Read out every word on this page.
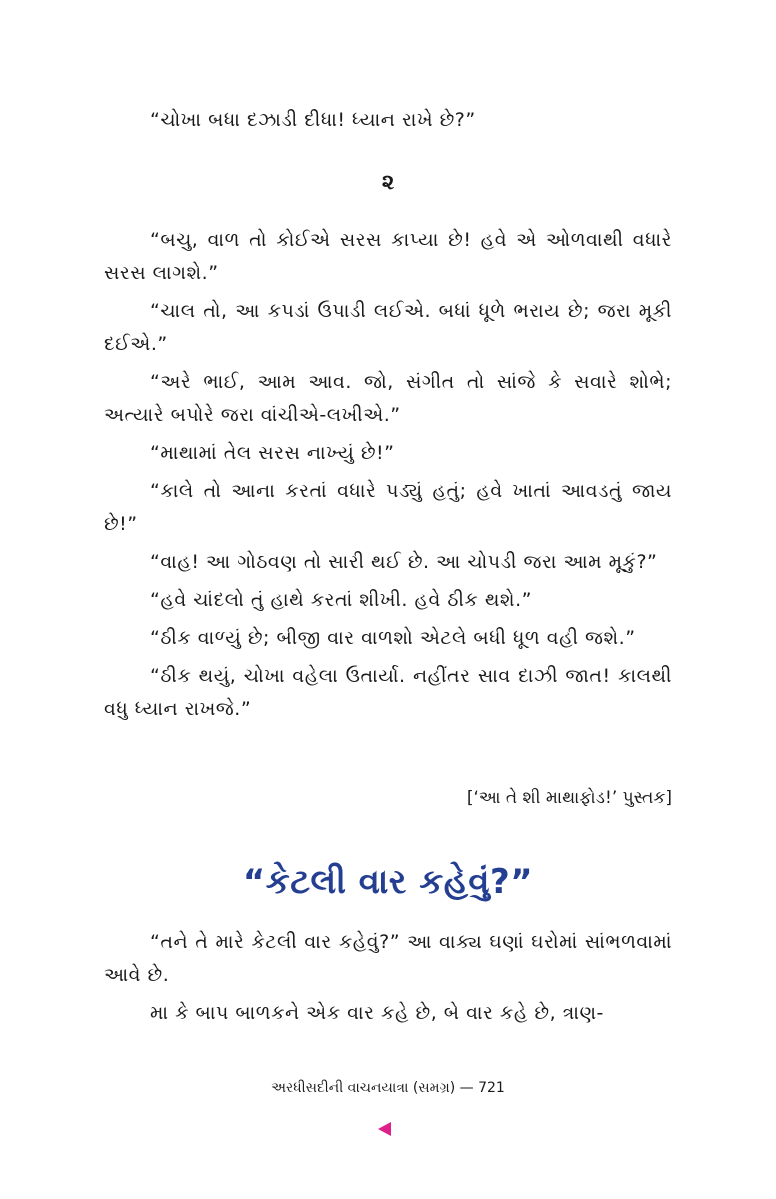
“ચોખા બધા દઝાડી દીધા! ધ્યાન રાખે છે?”
૨

“બચુ, વાળ તો કોઈએ સરસ કાપ્યા છે! હવે એ ઓળવાથી વધારે સરસ લાગશે.”

“ચાલ તો, આ કપડાં ઉપાડી લઈએ. બધાં ધૂળે ભરાય છે; જરા મૂકી દઈએ.”

“અરે ભાઈ, આમ આવ. જો, સંગીત તો સાંજે કે સવારે શોભે; અત્યારે બપોરે જરા વાંચીએ-લખીએ.”

“માથામાં તેલ સરસ નાખ્યું છે!”

“કાલે તો આના કરતાં વધારે પડ્યું હતું; હવે ખાતાં આવડતું જાય છે!”

“વાહ! આ ગોઠવણ તો સારી થઈ છે. આ ચોપડી જરા આમ મૂકું?”

“હવે ચાંદલો તું હાથે કરતાં શીખી. હવે ઠીક થશે.”

“ઠીક વાળ્યું છે; બીજી વાર વાળશો એટલે બધી ધૂળ વહી જશે.”

“ઠીક થયું, ચોખા વહેલા ઉતાર્યા. નહીંતર સાવ દાઝી જાત! કાલથી વધુ ધ્યાન રાખજે.”

[‘આ તે શી માથાફોડ!’ પુસ્તક]
“કેટલી વાર કહેવું?”

“તને તે મારે કેટલી વાર કહેવું?” આ વાક્ય ઘણાં ઘરોમાં સાંભળવામાં આવે છે.

મા કે બાપ બાળકને એક વાર કહે છે, બે વાર કહે છે, ત્રાણ-

અરધીસદીની વાચનયાત્રા (સમગ્ર) — 721
